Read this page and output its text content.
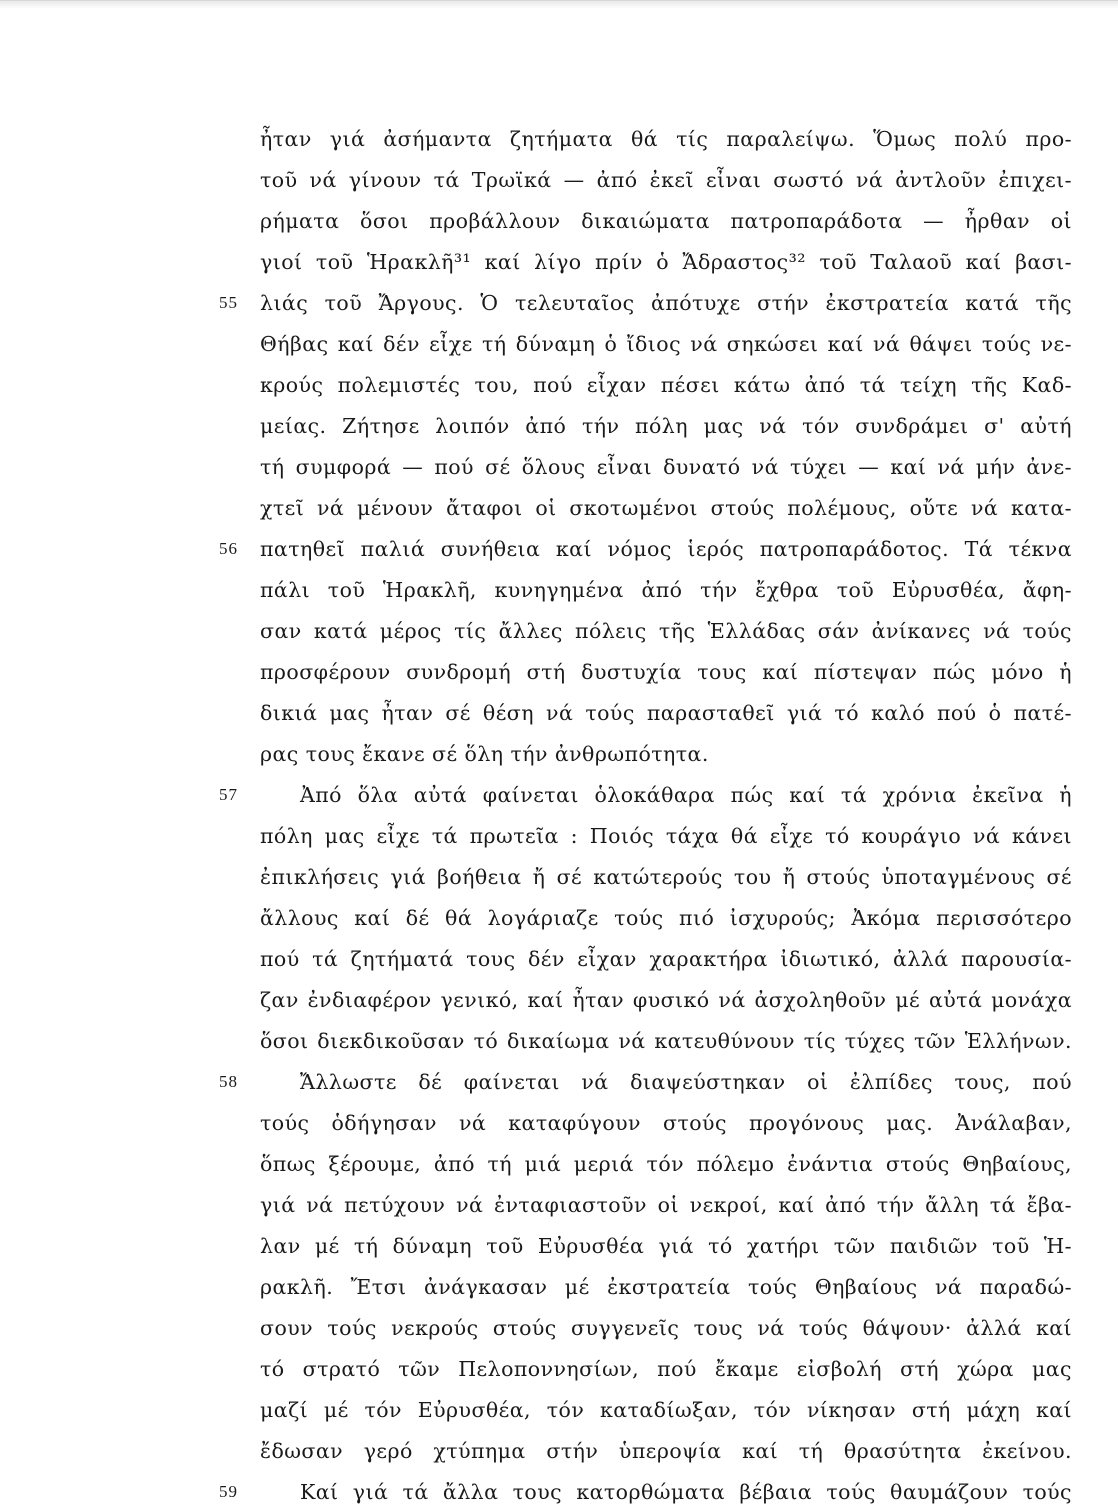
ἦταν γιά ἀσήμαντα ζητήματα θά τίς παραλείψω. Ὅμως πολύ προ-
τοῦ νά γίνουν τά Τρωϊκά — ἀπό ἐκεῖ εἶναι σωστό νά ἀντλοῦν ἐπιχει-
ρήματα ὅσοι προβάλλουν δικαιώματα πατροπαράδοτα — ἦρθαν οἱ
γιοί τοῦ Ἡρακλῆ³¹ καί λίγο πρίν ὁ Ἄδραστος³² τοῦ Ταλαοῦ καί βασι-
55	λιάς τοῦ Ἄργους. Ὁ τελευταῖος ἀπότυχε στήν ἐκστρατεία κατά τῆς
Θήβας καί δέν εἶχε τή δύναμη ὁ ἴδιος νά σηκώσει καί νά θάψει τούς νε-
κρούς πολεμιστές του, πού εἶχαν πέσει κάτω ἀπό τά τείχη τῆς Καδ-
μείας. Ζήτησε λοιπόν ἀπό τήν πόλη μας νά τόν συνδράμει σ' αὐτή
τή συμφορά — πού σέ ὅλους εἶναι δυνατό νά τύχει — καί νά μήν ἀνε-
χτεῖ νά μένουν ἄταφοι οἱ σκοτωμένοι στούς πολέμους, οὔτε νά κατα-
56	πατηθεῖ παλιά συνήθεια καί νόμος ἱερός πατροπαράδοτος. Τά τέκνα
πάλι τοῦ Ἡρακλῆ, κυνηγημένα ἀπό τήν ἔχθρα τοῦ Εὐρυσθέα, ἄφη-
σαν κατά μέρος τίς ἄλλες πόλεις τῆς Ἑλλάδας σάν ἀνίκανες νά τούς
προσφέρουν συνδρομή στή δυστυχία τους καί πίστεψαν πώς μόνο ἡ
δικιά μας ἦταν σέ θέση νά τούς παρασταθεῖ γιά τό καλό πού ὁ πατέ-
ρας τους ἔκανε σέ ὅλη τήν ἀνθρωπότητα.
57	Ἀπό ὅλα αὐτά φαίνεται ὁλοκάθαρα πώς καί τά χρόνια ἐκεῖνα ἡ
πόλη μας εἶχε τά πρωτεῖα : Ποιός τάχα θά εἶχε τό κουράγιο νά κάνει
ἐπικλήσεις γιά βοήθεια ἤ σέ κατώτερούς του ἤ στούς ὑποταγμένους σέ
ἄλλους καί δέ θά λογάριαζε τούς πιό ἰσχυρούς; Ἀκόμα περισσότερο
πού τά ζητήματά τους δέν εἶχαν χαρακτήρα ἰδιωτικό, ἀλλά παρουσία-
ζαν ἐνδιαφέρον γενικό, καί ἦταν φυσικό νά ἀσχοληθοῦν μέ αὐτά μονάχα
ὅσοι διεκδικοῦσαν τό δικαίωμα νά κατευθύνουν τίς τύχες τῶν Ἑλλήνων.
58	Ἄλλωστε δέ φαίνεται νά διαψεύστηκαν οἱ ἐλπίδες τους, πού
τούς ὁδήγησαν νά καταφύγουν στούς προγόνους μας. Ἀνάλαβαν,
ὅπως ξέρουμε, ἀπό τή μιά μεριά τόν πόλεμο ἐνάντια στούς Θηβαίους,
γιά νά πετύχουν νά ἐνταφιαστοῦν οἱ νεκροί, καί ἀπό τήν ἄλλη τά ἔβα-
λαν μέ τή δύναμη τοῦ Εὐρυσθέα γιά τό χατήρι τῶν παιδιῶν τοῦ Ἡ-
ρακλῆ. Ἔτσι ἀνάγκασαν μέ ἐκστρατεία τούς Θηβαίους νά παραδώ-
σουν τούς νεκρούς στούς συγγενεῖς τους νά τούς θάψουν· ἀλλά καί
τό στρατό τῶν Πελοποννησίων, πού ἔκαμε εἰσβολή στή χώρα μας
μαζί μέ τόν Εὐρυσθέα, τόν καταδίωξαν, τόν νίκησαν στή μάχη καί
ἔδωσαν γερό χτύπημα στήν ὑπεροψία καί τή θρασύτητα ἐκείνου.
59	Καί γιά τά ἄλλα τους κατορθώματα βέβαια τούς θαυμάζουν τούς
